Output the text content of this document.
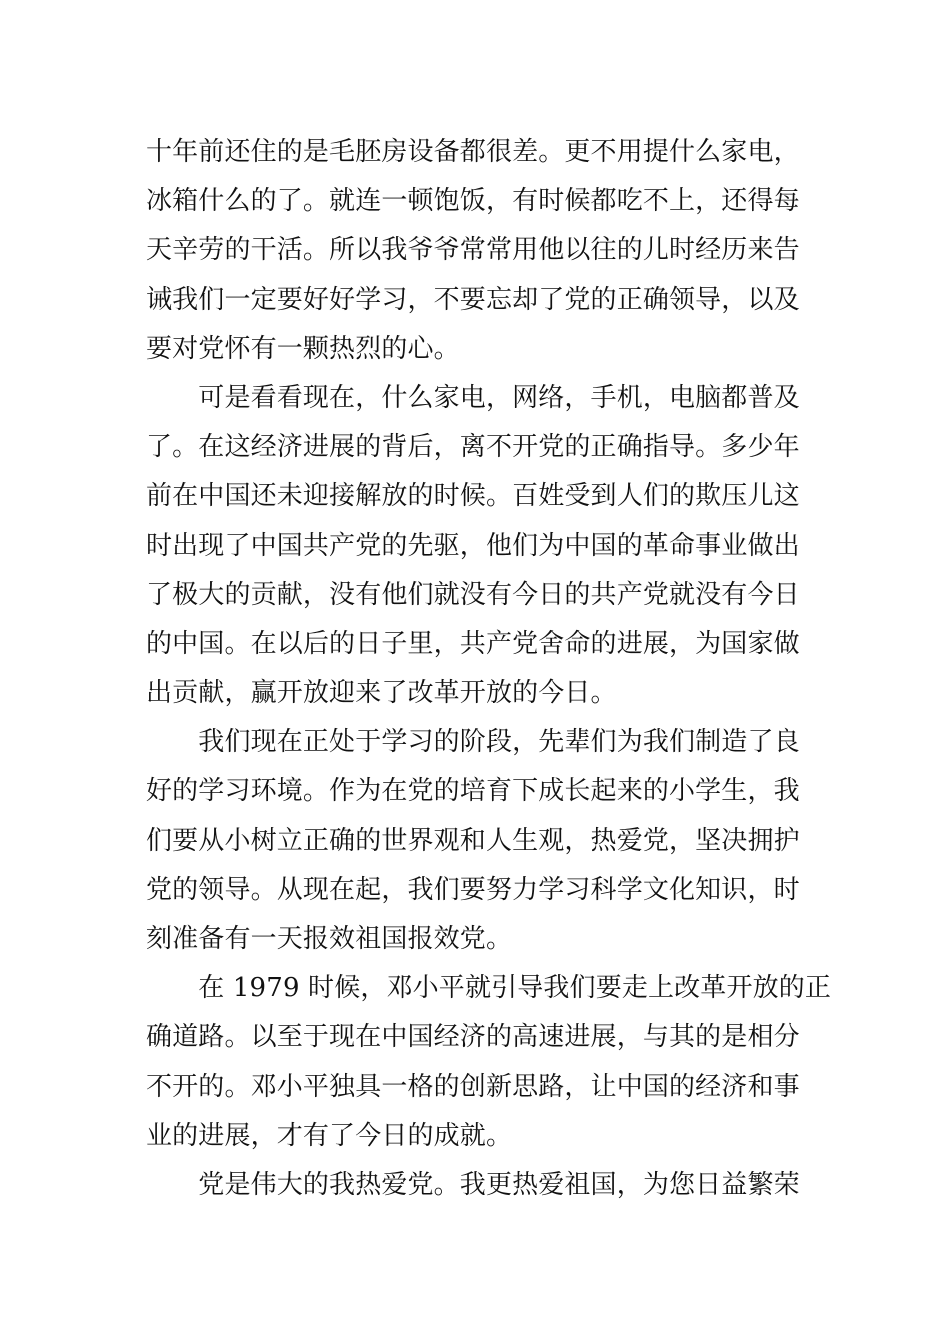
十年前还住的是毛胚房设备都很差。更不用提什么家电，
冰箱什么的了。就连一顿饱饭，有时候都吃不上，还得每
天辛劳的干活。所以我爷爷常常用他以往的儿时经历来告
诫我们一定要好好学习，不要忘却了党的正确领导，以及
要对党怀有一颗热烈的心。
　　可是看看现在，什么家电，网络，手机，电脑都普及
了。在这经济进展的背后，离不开党的正确指导。多少年
前在中国还未迎接解放的时候。百姓受到人们的欺压儿这
时出现了中国共产党的先驱，他们为中国的革命事业做出
了极大的贡献，没有他们就没有今日的共产党就没有今日
的中国。在以后的日子里，共产党舍命的进展，为国家做
出贡献，赢开放迎来了改革开放的今日。
　　我们现在正处于学习的阶段，先辈们为我们制造了良
好的学习环境。作为在党的培育下成长起来的小学生，我
们要从小树立正确的世界观和人生观，热爱党，坚决拥护
党的领导。从现在起，我们要努力学习科学文化知识，时
刻准备有一天报效祖国报效党。
　　在 1979 时候，邓小平就引导我们要走上改革开放的正
确道路。以至于现在中国经济的高速进展，与其的是相分
不开的。邓小平独具一格的创新思路，让中国的经济和事
业的进展，才有了今日的成就。
　　党是伟大的我热爱党。我更热爱祖国，为您日益繁荣
